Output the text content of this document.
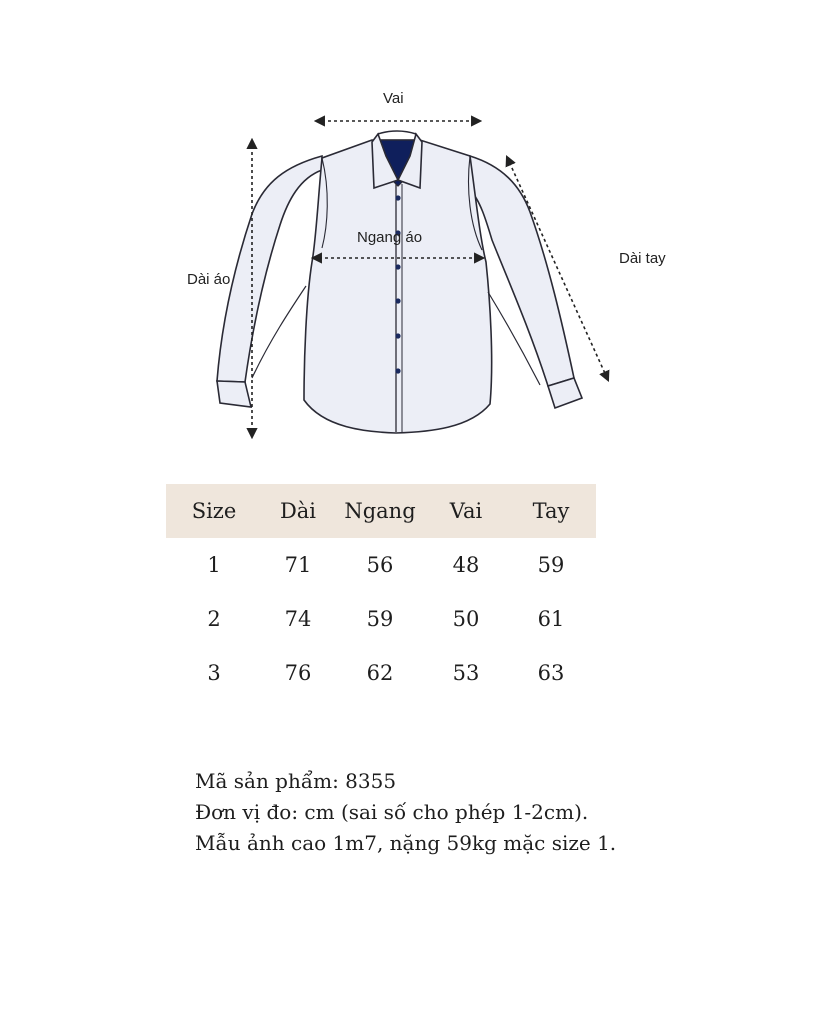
Vai
Ngang áo
Dài áo
Dài tay
Size	Dài	Ngang	Vai	Tay
1	71	56	48	59
2	74	59	50	61
3	76	62	53	63
Mã sản phẩm: 8355
Đơn vị đo: cm (sai số cho phép 1-2cm).
Mẫu ảnh cao 1m7, nặng 59kg mặc size 1.
